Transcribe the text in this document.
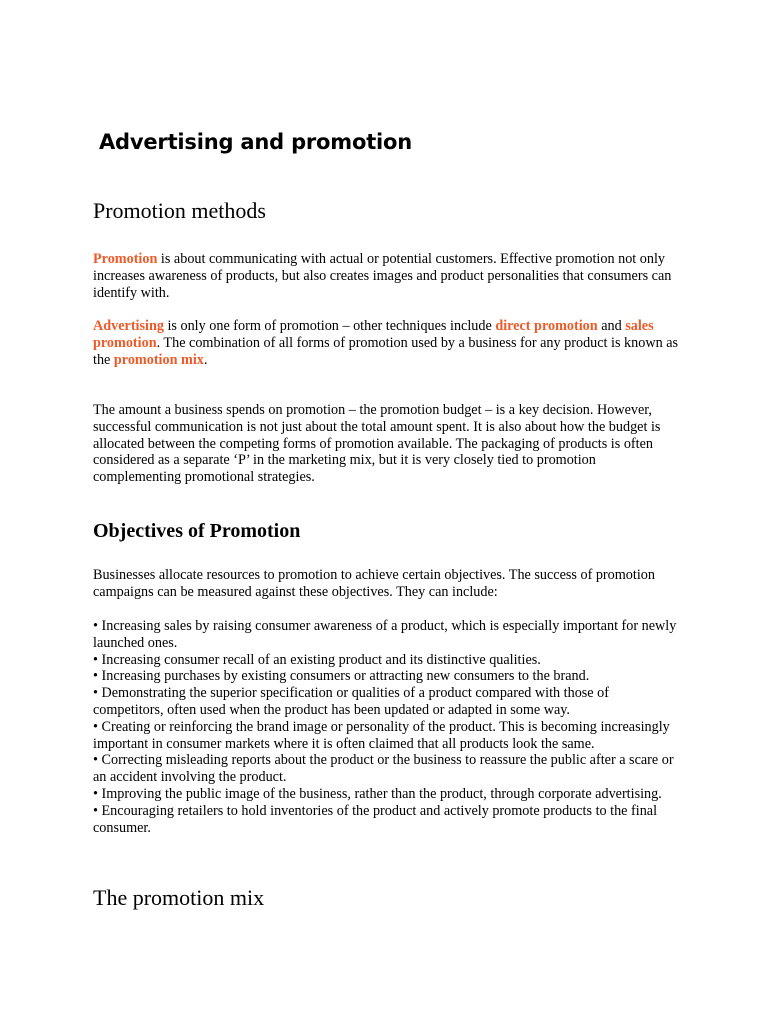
Advertising and promotion
Promotion methods

Promotion is about communicating with actual or potential customers. Effective promotion not only increases awareness of products, but also creates images and product personalities that consumers can identify with.

Advertising is only one form of promotion – other techniques include direct promotion and sales promotion. The combination of all forms of promotion used by a business for any product is known as the promotion mix.

The amount a business spends on promotion – the promotion budget – is a key decision. However, successful communication is not just about the total amount spent. It is also about how the budget is allocated between the competing forms of promotion available. The packaging of products is often considered as a separate ‘P’ in the marketing mix, but it is very closely tied to promotion complementing promotional strategies.

Objectives of Promotion

Businesses allocate resources to promotion to achieve certain objectives. The success of promotion campaigns can be measured against these objectives. They can include:

• Increasing sales by raising consumer awareness of a product, which is especially important for newly launched ones.
• Increasing consumer recall of an existing product and its distinctive qualities.
• Increasing purchases by existing consumers or attracting new consumers to the brand.
• Demonstrating the superior specification or qualities of a product compared with those of competitors, often used when the product has been updated or adapted in some way.
• Creating or reinforcing the brand image or personality of the product. This is becoming increasingly important in consumer markets where it is often claimed that all products look the same.
• Correcting misleading reports about the product or the business to reassure the public after a scare or an accident involving the product.
• Improving the public image of the business, rather than the product, through corporate advertising.
• Encouraging retailers to hold inventories of the product and actively promote products to the final consumer.
The promotion mix
